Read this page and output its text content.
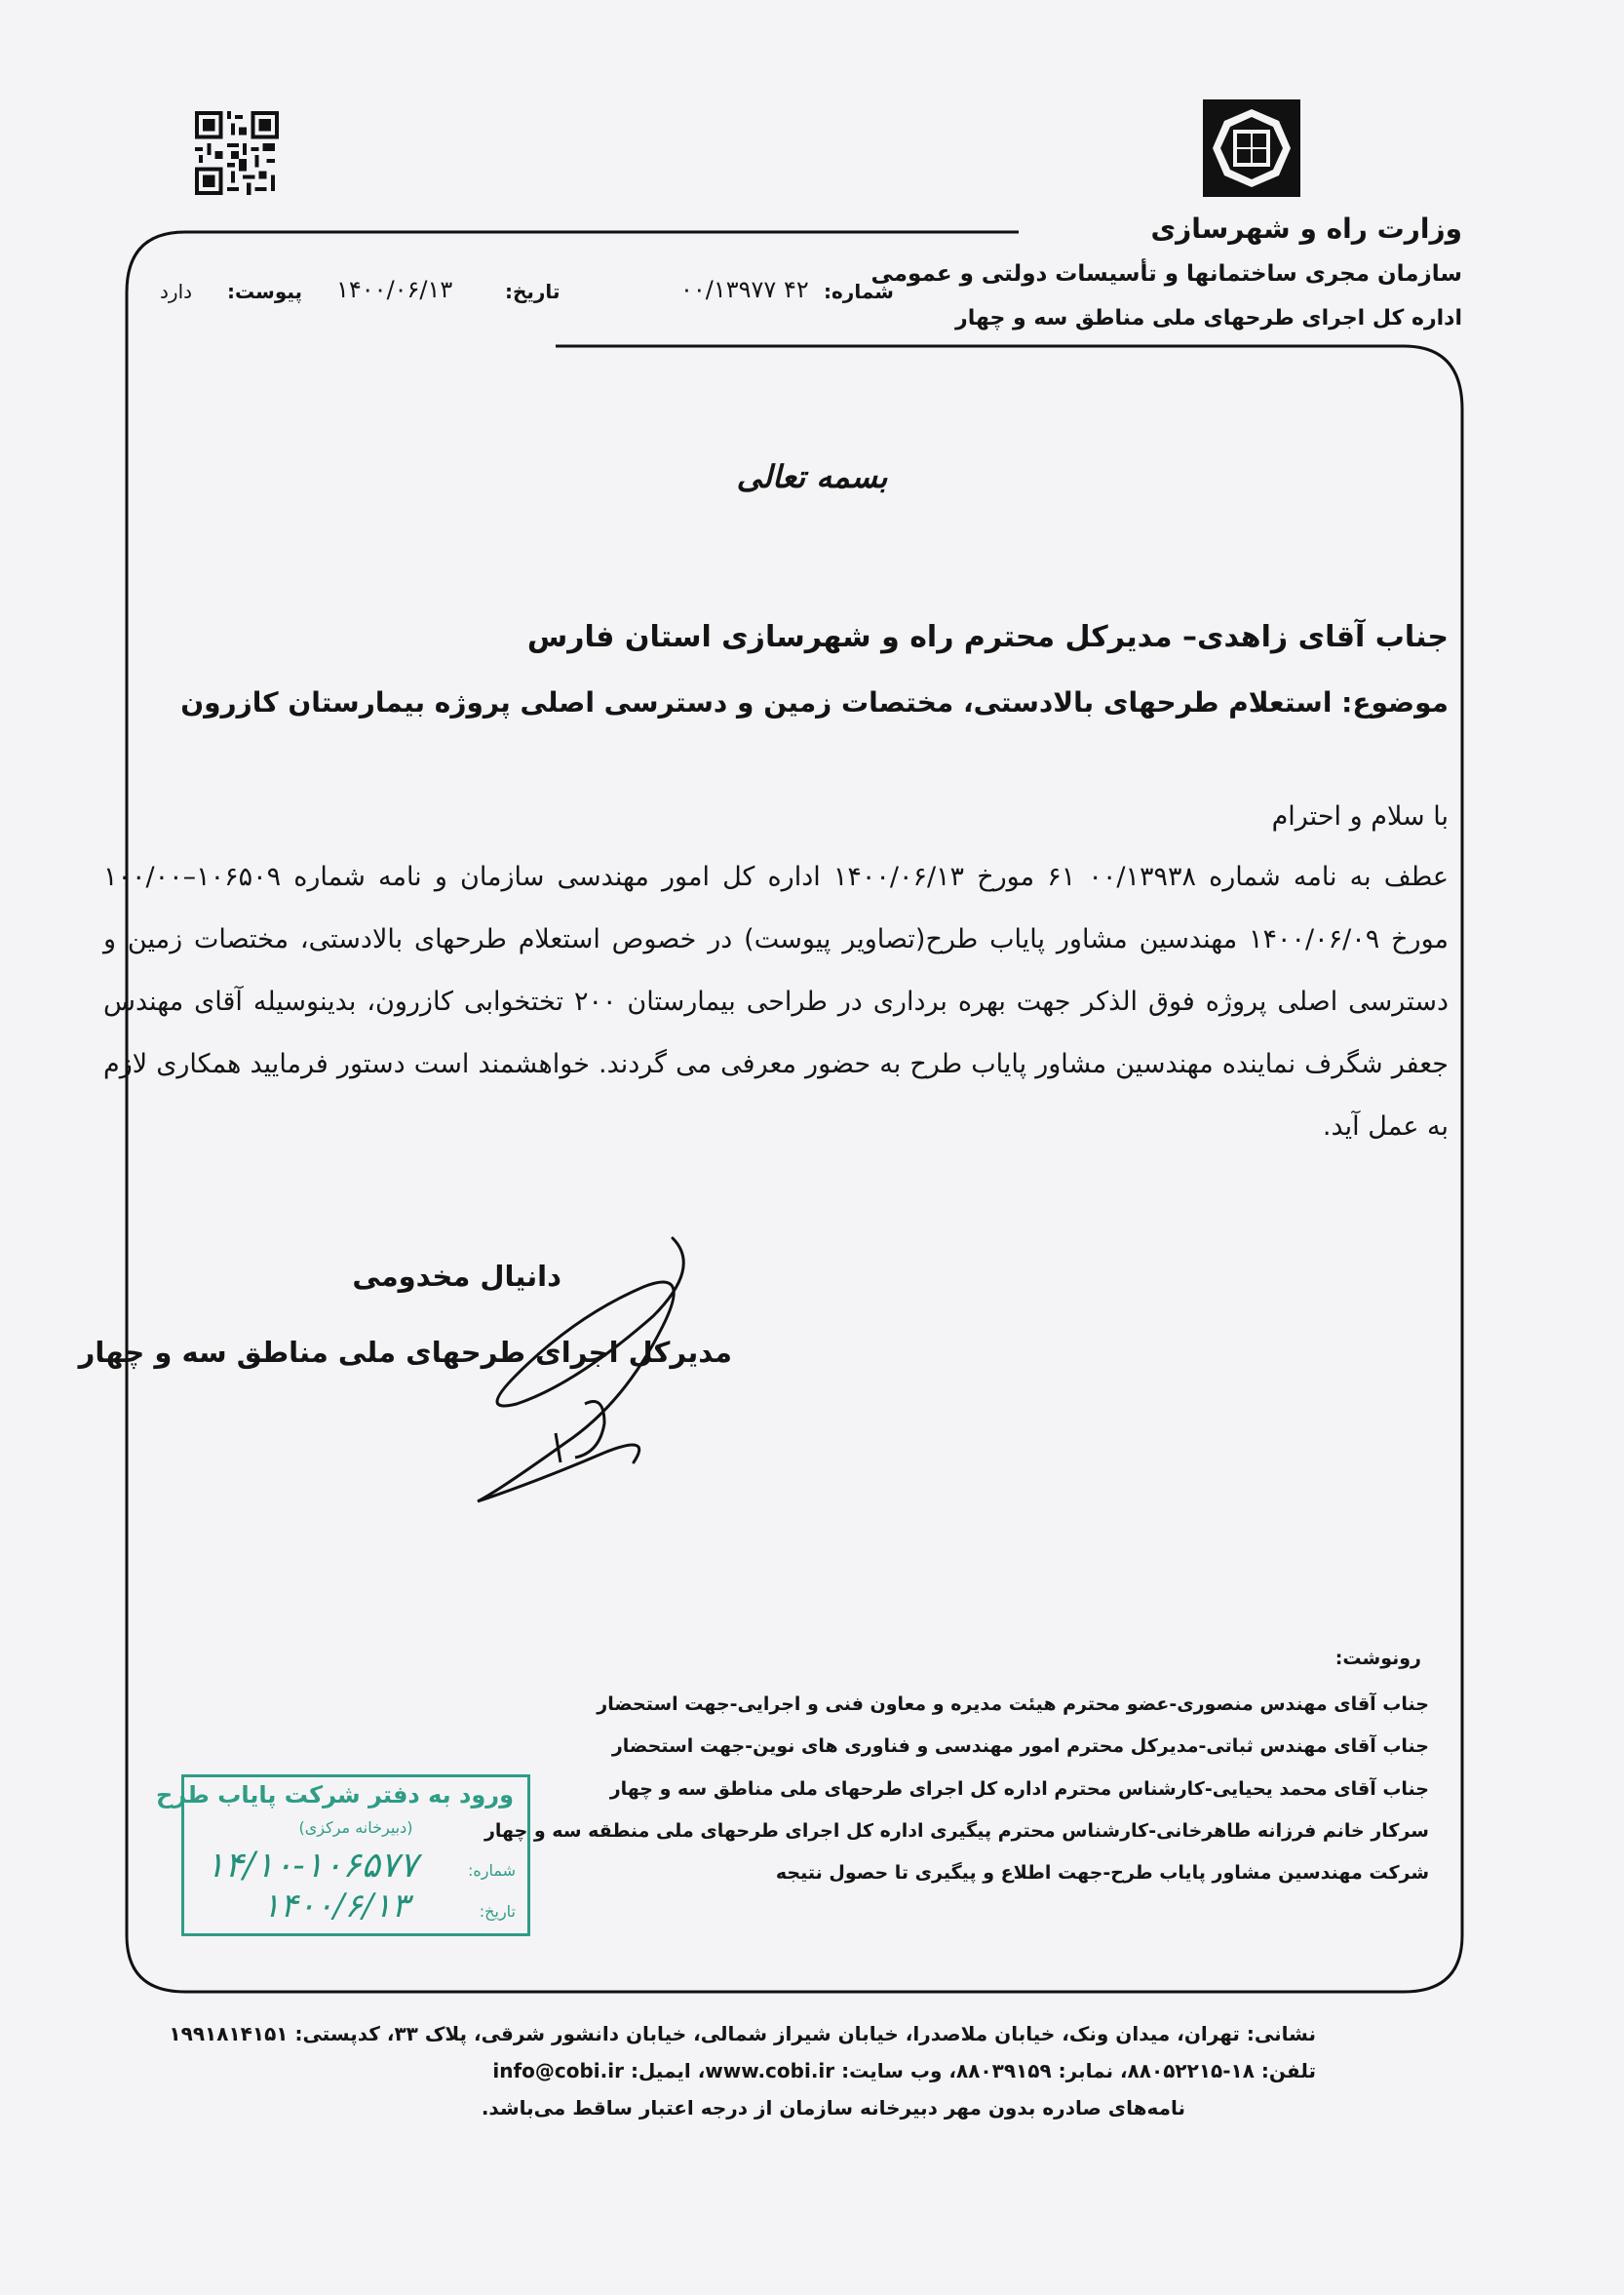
وزارت راه و شهرسازی
سازمان مجری ساختمانها و تأسیسات دولتی و عمومی
اداره کل اجرای طرحهای ملی مناطق سه و چهار
شماره:
۴۲ ۰۰/۱۳۹۷۷
تاریخ:
۱۴۰۰/۰۶/۱۳
پیوست:
دارد
بسمه تعالی
جناب آقای زاهدی– مدیرکل محترم راه و شهرسازی استان فارس
موضوع: استعلام طرحهای بالادستی، مختصات زمین و دسترسی اصلی پروژه بیمارستان کازرون
با سلام و احترام
عطف به نامه شماره ۰۰/۱۳۹۳۸ ۶۱ مورخ ۱۴۰۰/۰۶/۱۳ اداره کل امور مهندسی سازمان و نامه شماره ۱۰۶۵۰۹–۱۰۰/۰۰
مورخ ۱۴۰۰/۰۶/۰۹ مهندسین مشاور پایاب طرح(تصاویر پیوست) در خصوص استعلام طرحهای بالادستی، مختصات زمین و
دسترسی اصلی پروژه فوق الذکر جهت بهره برداری در طراحی بیمارستان ۲۰۰ تختخوابی کازرون، بدینوسیله آقای مهندس
جعفر شگرف نماینده مهندسین مشاور پایاب طرح به حضور معرفی می گردند. خواهشمند است دستور فرمایید همکاری لازم
به عمل آید.
دانیال مخدومی
مدیرکل اجرای طرحهای ملی مناطق سه و چهار
رونوشت:
جناب آقای مهندس منصوری-عضو محترم هیئت مدیره و معاون فنی و اجرایی-جهت استحضار
جناب آقای مهندس ثباتی-مدیرکل محترم امور مهندسی و فناوری های نوین-جهت استحضار
جناب آقای محمد یحیایی-کارشناس محترم اداره کل اجرای طرحهای ملی مناطق سه و چهار
سرکار خانم فرزانه طاهرخانی-کارشناس محترم پیگیری اداره کل اجرای طرحهای ملی منطقه سه و چهار
شرکت مهندسین مشاور پایاب طرح-جهت اطلاع و پیگیری تا حصول نتیجه
ورود به دفتر شرکت پایاب طرح
(دبیرخانه مرکزی)
شماره:
تاریخ:
۱۴/۱۰-۱۰۶۵۷۷
۱۴۰۰/۶/۱۳
نشانی: تهران، میدان ونک، خیابان ملاصدرا، خیابان شیراز شمالی، خیابان دانشور شرقی، پلاک ۳۳، کدپستی: ۱۹۹۱۸۱۴۱۵۱
تلفن: ۱۸-۸۸۰۵۲۲۱۵، نمابر: ۸۸۰۳۹۱۵۹، وب سایت: www.cobi.ir، ایمیل: info@cobi.ir
نامه‌های صادره بدون مهر دبیرخانه سازمان از درجه اعتبار ساقط می‌باشد.
